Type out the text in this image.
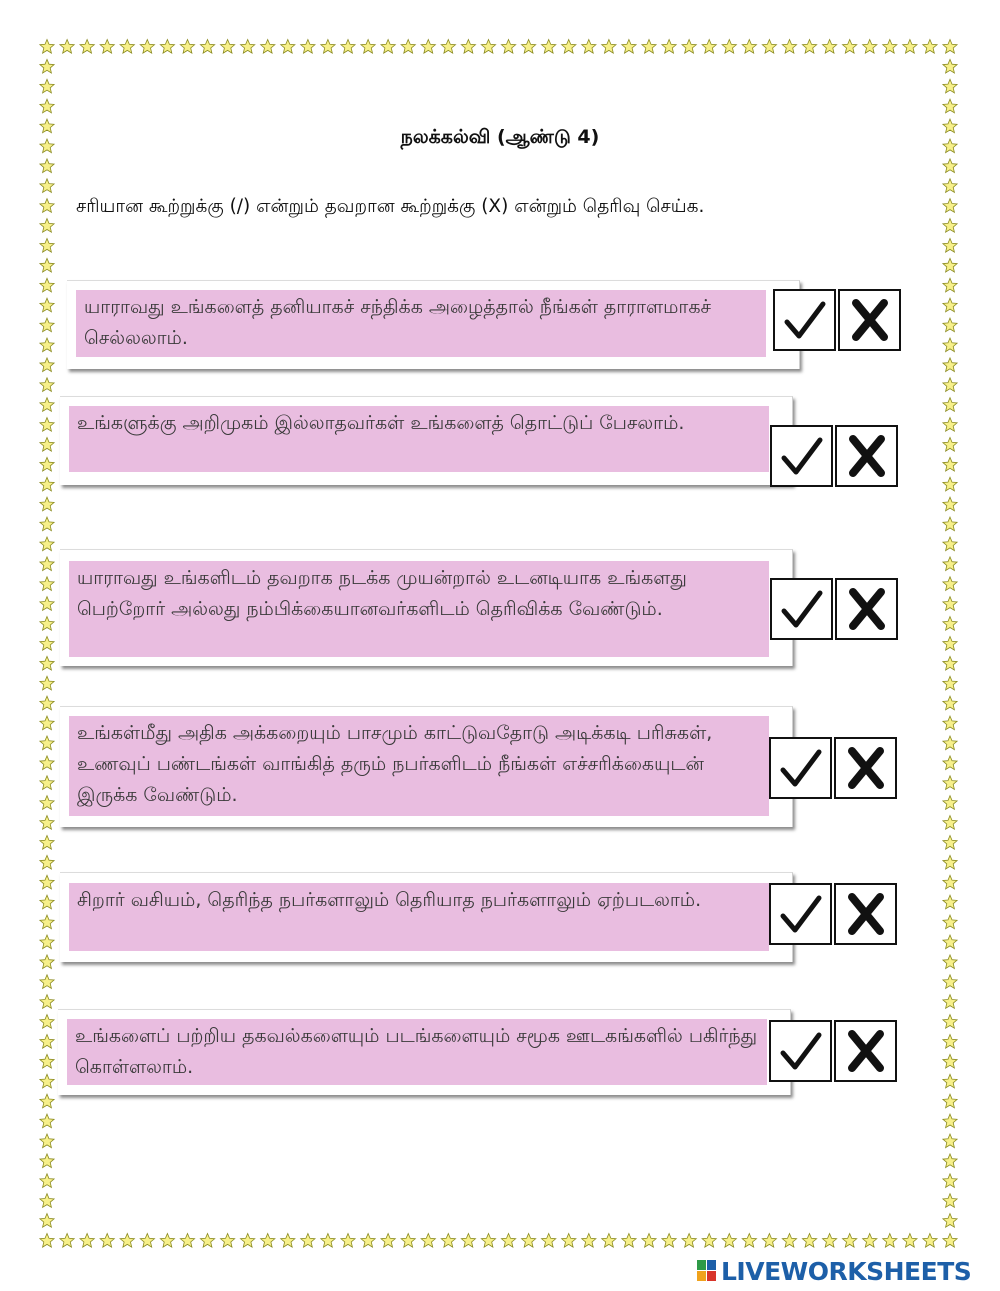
நலக்கல்வி (ஆண்டு 4)
சரியான கூற்றுக்கு (/) என்றும் தவறான கூற்றுக்கு (X) என்றும் தெரிவு செய்க.
யாராவது உங்களைத் தனியாகச் சந்திக்க அழைத்தால் நீங்கள் தாராளமாகச் செல்லலாம்.
உங்களுக்கு அறிமுகம் இல்லாதவர்கள் உங்களைத் தொட்டுப் பேசலாம்.
யாராவது உங்களிடம் தவறாக நடக்க முயன்றால் உடனடியாக உங்களது பெற்றோர் அல்லது நம்பிக்கையானவர்களிடம் தெரிவிக்க வேண்டும்.
உங்கள்மீது அதிக அக்கறையும் பாசமும் காட்டுவதோடு அடிக்கடி பரிசுகள், உணவுப் பண்டங்கள் வாங்கித் தரும் நபர்களிடம் நீங்கள் எச்சரிக்கையுடன் இருக்க வேண்டும்.
சிறார் வசியம், தெரிந்த நபர்களாலும் தெரியாத நபர்களாலும் ஏற்படலாம்.
உங்களைப் பற்றிய தகவல்களையும் படங்களையும் சமூக ஊடகங்களில் பகிர்ந்து கொள்ளலாம்.
LIVEWORKSHEETS
